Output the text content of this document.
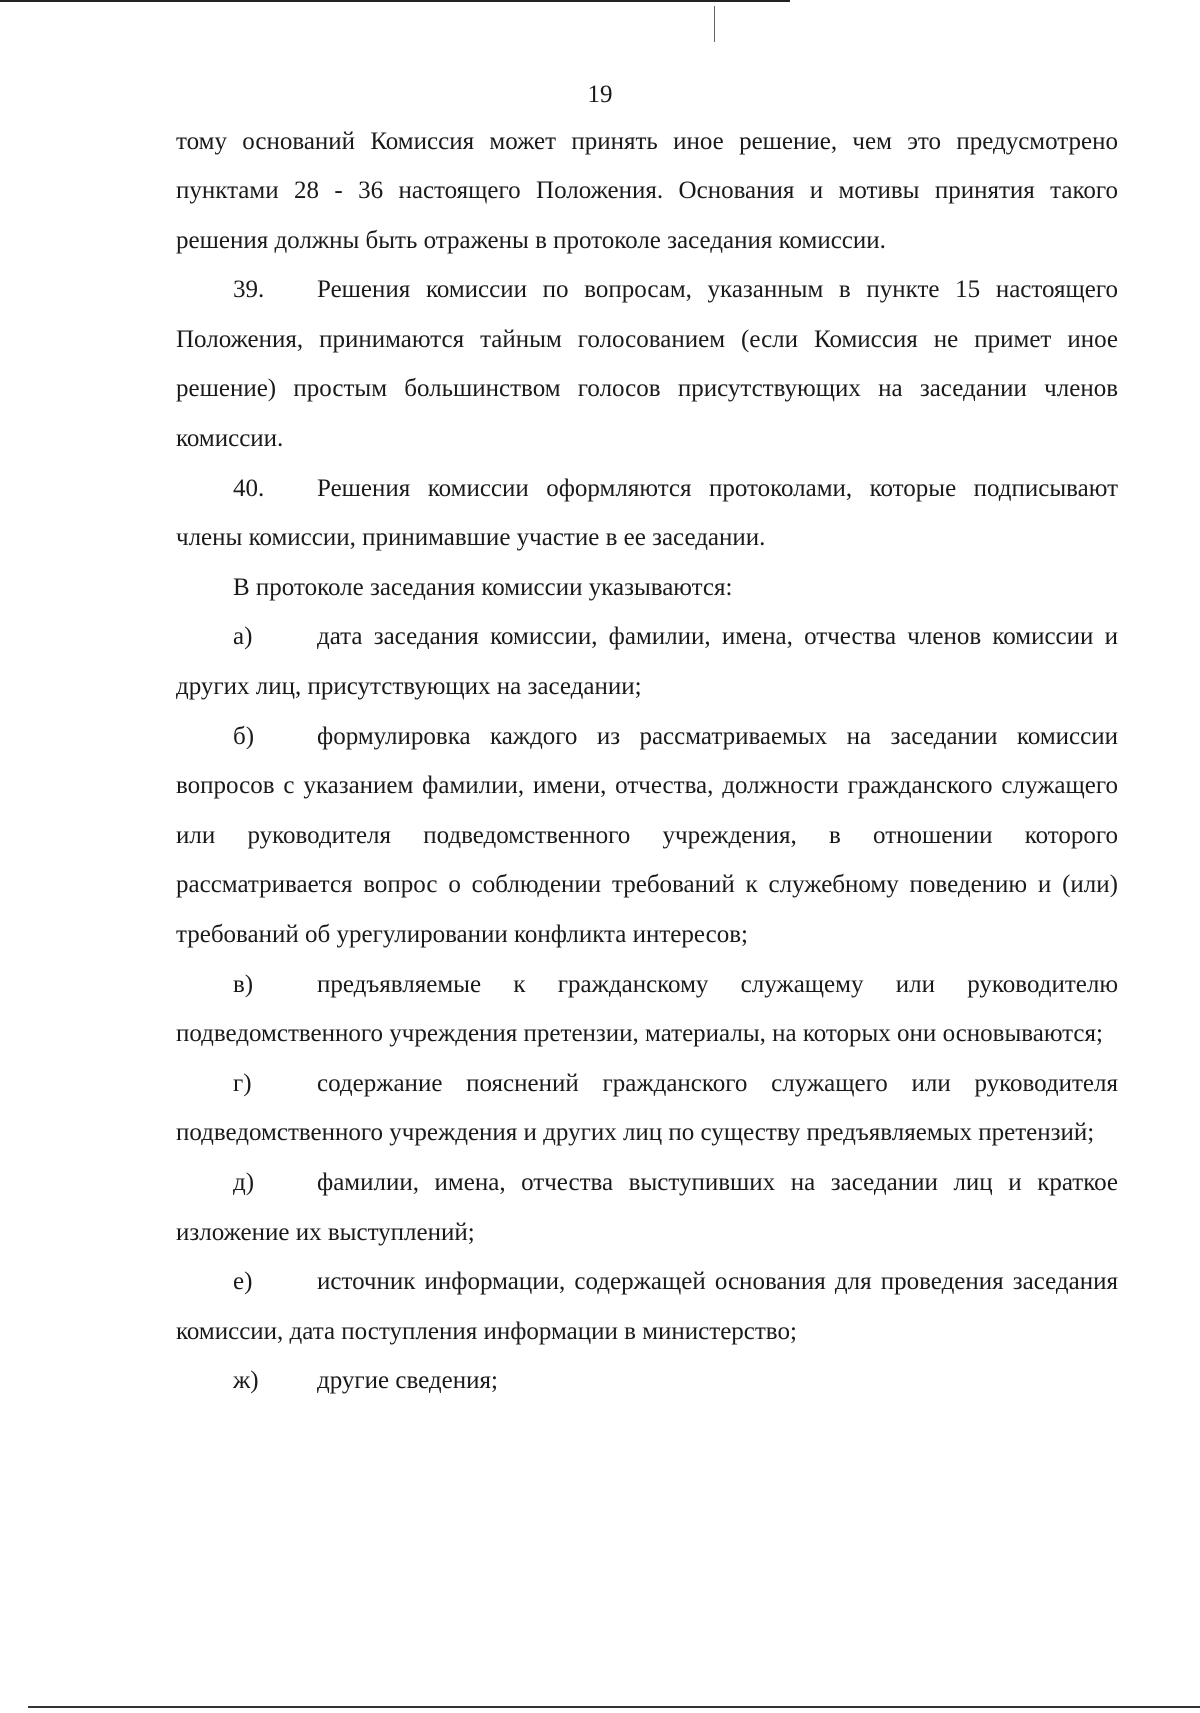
19

тому оснований Комиссия может принять иное решение, чем это предусмотрено пунктами 28 - 36 настоящего Положения. Основания и мотивы принятия такого решения должны быть отражены в протоколе заседания комиссии.

39. Решения комиссии по вопросам, указанным в пункте 15 настоящего Положения, принимаются тайным голосованием (если Комиссия не примет иное решение) простым большинством голосов присутствующих на заседании членов комиссии.

40. Решения комиссии оформляются протоколами, которые подписывают члены комиссии, принимавшие участие в ее заседании.

В протоколе заседания комиссии указываются:

а)	дата заседания комиссии, фамилии, имена, отчества членов комиссии и других лиц, присутствующих на заседании;

б)	формулировка каждого из рассматриваемых на заседании комиссии вопросов с указанием фамилии, имени, отчества, должности гражданского служащего или руководителя подведомственного учреждения, в отношении которого рассматривается вопрос о соблюдении требований к служебному поведению и (или) требований об урегулировании конфликта интересов;

в)	предъявляемые к гражданскому служащему или руководителю подведомственного учреждения претензии, материалы, на которых они основываются;

г)	содержание пояснений гражданского служащего или руководителя подведомственного учреждения и других лиц по существу предъявляемых претензий;

д)	фамилии, имена, отчества выступивших на заседании лиц и краткое изложение их выступлений;

е)	источник информации, содержащей основания для проведения заседания комиссии, дата поступления информации в министерство;

ж) другие сведения;
